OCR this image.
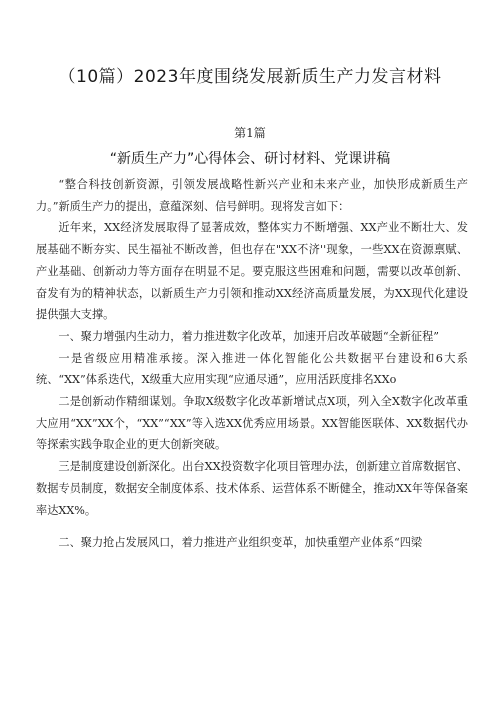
（10篇）2023年度围绕发展新质生产力发言材料
第1篇
“新质生产力”心得体会、研讨材料、党课讲稿

“整合科技创新资源，引领发展战略性新兴产业和未来产业，加快形成新质生产力。”新质生产力的提出，意蕴深刻、信号鲜明。现将发言如下：

近年来，XX经济发展取得了显著成效，整体实力不断增强、XX产业不断壮大、发展基础不断夯实、民生福祉不断改善，但也存在"XX不济''现象，一些XX在资源禀赋、产业基础、创新动力等方面存在明显不足。要克服这些困难和问题，需要以改革创新、奋发有为的精神状态，以新质生产力引领和推动XX经济高质量发展，为XX现代化建设提供强大支撑。

一、聚力增强内生动力，着力推进数字化改革，加速开启改革破题“全新征程”

一是省级应用精准承接。深入推进一体化智能化公共数据平台建设和6大系统、“XX”体系迭代，X级重大应用实现“应通尽通”，应用活跃度排名XXo

二是创新动作精细谋划。争取X级数字化改革新增试点X项，列入全X数字化改革重大应用“XX”XX个，“XX”“XX”等入选XX优秀应用场景。XX智能医联体、XX数据代办等探索实践争取企业的更大创新突破。

三是制度建设创新深化。出台XX投资数字化项目管理办法，创新建立首席数据官、数据专员制度，数据安全制度体系、技术体系、运营体系不断健全，推动XX年等保备案率达XX%。

二、聚力抢占发展风口，着力推进产业组织变革，加快重塑产业体系“四梁
